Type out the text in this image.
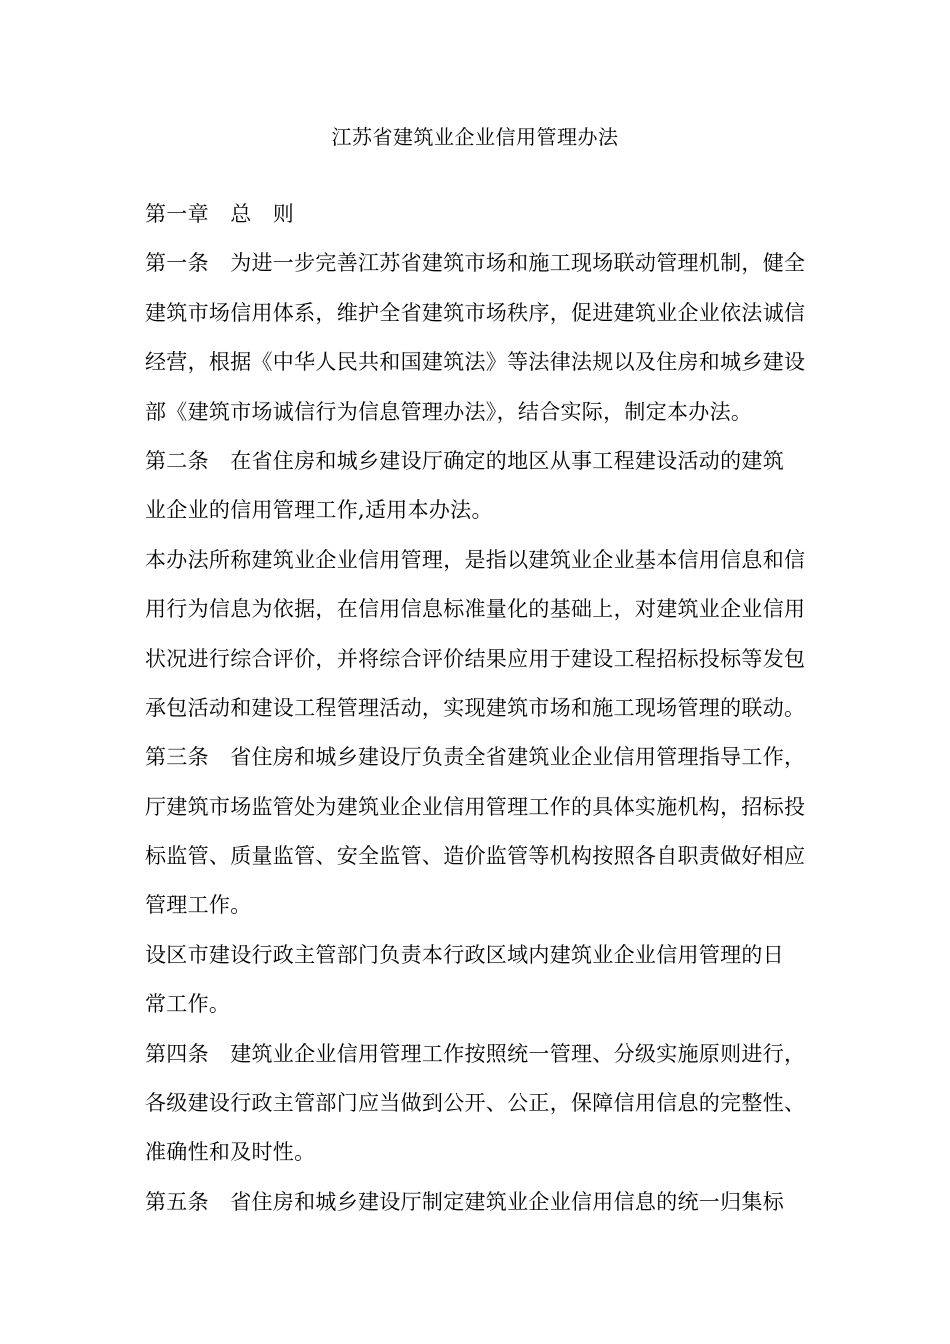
江苏省建筑业企业信用管理办法
第一章　总　则
第一条　为进一步完善江苏省建筑市场和施工现场联动管理机制，健全
建筑市场信用体系，维护全省建筑市场秩序，促进建筑业企业依法诚信
经营，根据《中华人民共和国建筑法》等法律法规以及住房和城乡建设
部《建筑市场诚信行为信息管理办法》，结合实际，制定本办法。
第二条　在省住房和城乡建设厅确定的地区从事工程建设活动的建筑
业企业的信用管理工作,适用本办法。
本办法所称建筑业企业信用管理，是指以建筑业企业基本信用信息和信
用行为信息为依据，在信用信息标准量化的基础上，对建筑业企业信用
状况进行综合评价，并将综合评价结果应用于建设工程招标投标等发包
承包活动和建设工程管理活动，实现建筑市场和施工现场管理的联动。
第三条　省住房和城乡建设厅负责全省建筑业企业信用管理指导工作，
厅建筑市场监管处为建筑业企业信用管理工作的具体实施机构，招标投
标监管、质量监管、安全监管、造价监管等机构按照各自职责做好相应
管理工作。
设区市建设行政主管部门负责本行政区域内建筑业企业信用管理的日
常工作。
第四条　建筑业企业信用管理工作按照统一管理、分级实施原则进行，
各级建设行政主管部门应当做到公开、公正，保障信用信息的完整性、
准确性和及时性。
第五条　省住房和城乡建设厅制定建筑业企业信用信息的统一归集标
